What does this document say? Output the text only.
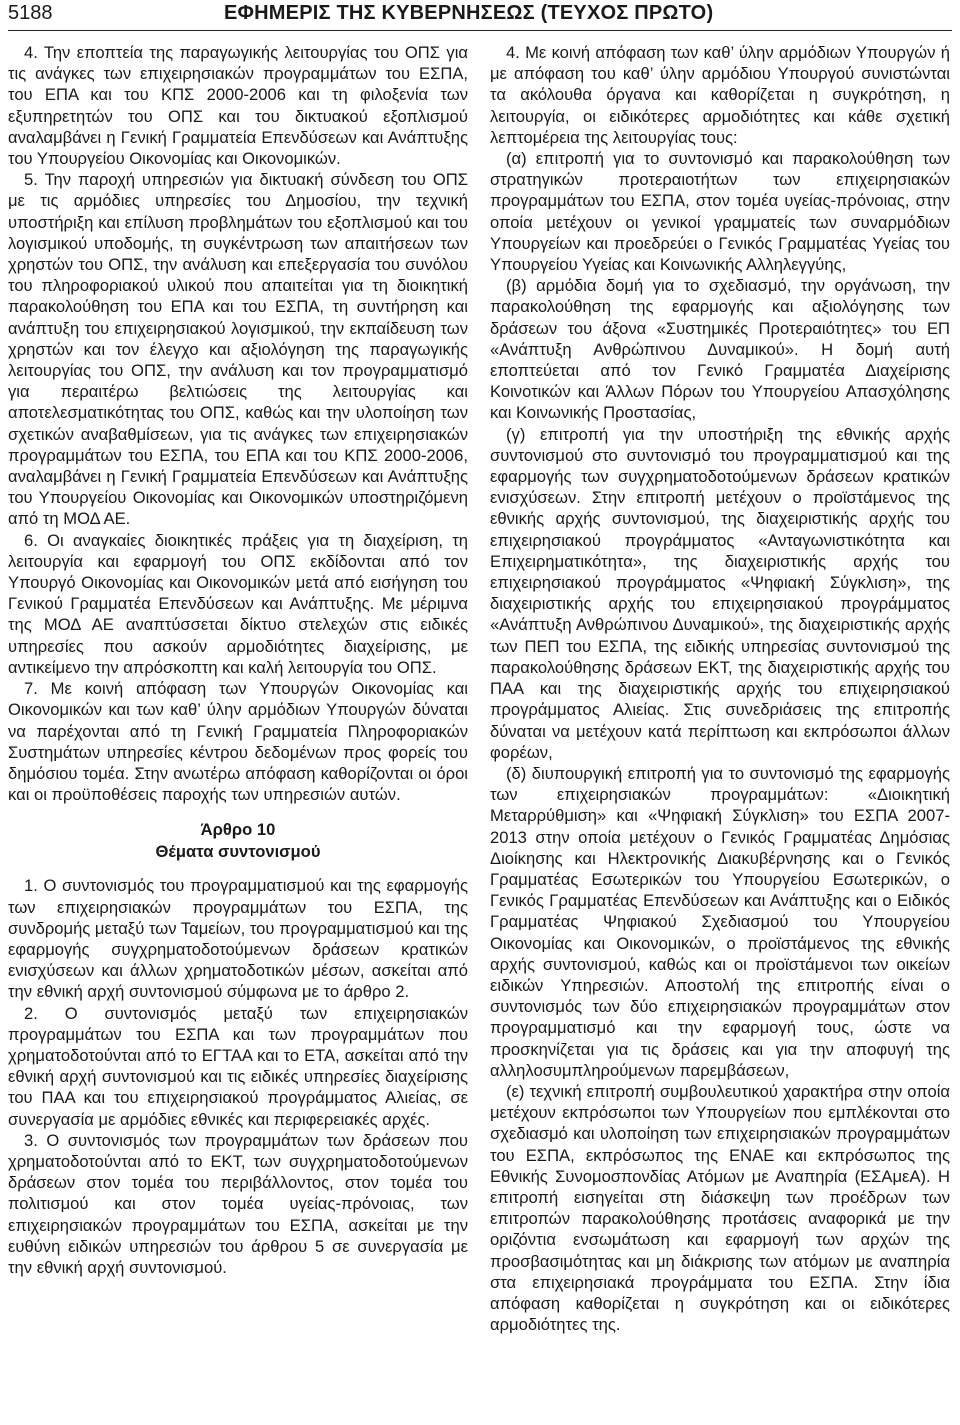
5188	ΕΦΗΜΕΡΙΣ ΤΗΣ ΚΥΒΕΡΝΗΣΕΩΣ (ΤΕΥΧΟΣ ΠΡΩΤΟ)

4. Την εποπτεία της παραγωγικής λειτουργίας του ΟΠΣ για τις ανάγκες των επιχειρησιακών προγραμμάτων του ΕΣΠΑ, του ΕΠΑ και του ΚΠΣ 2000-2006 και τη φιλοξενία των εξυπηρετητών του ΟΠΣ και του δικτυακού εξοπλισμού αναλαμβάνει η Γενική Γραμματεία Επενδύσεων και Ανάπτυξης του Υπουργείου Οικονομίας και Οικονομικών.

5. Την παροχή υπηρεσιών για δικτυακή σύνδεση του ΟΠΣ με τις αρμόδιες υπηρεσίες του Δημοσίου, την τεχνική υποστήριξη και επίλυση προβλημάτων του εξοπλισμού και του λογισμικού υποδομής, τη συγκέντρωση των απαιτήσεων των χρηστών του ΟΠΣ, την ανάλυση και επεξεργασία του συνόλου του πληροφοριακού υλικού που απαιτείται για τη διοικητική παρακολούθηση του ΕΠΑ και του ΕΣΠΑ, τη συντήρηση και ανάπτυξη του επιχειρησιακού λογισμικού, την εκπαίδευση των χρηστών και τον έλεγχο και αξιολόγηση της παραγωγικής λειτουργίας του ΟΠΣ, την ανάλυση και τον προγραμματισμό για περαιτέρω βελτιώσεις της λειτουργίας και αποτελεσματικότητας του ΟΠΣ, καθώς και την υλοποίηση των σχετικών αναβαθμίσεων, για τις ανάγκες των επιχειρησιακών προγραμμάτων του ΕΣΠΑ, του ΕΠΑ και του ΚΠΣ 2000-2006, αναλαμβάνει η Γενική Γραμματεία Επενδύσεων και Ανάπτυξης του Υπουργείου Οικονομίας και Οικονομικών υποστηριζόμενη από τη ΜΟΔ ΑΕ.

6. Οι αναγκαίες διοικητικές πράξεις για τη διαχείριση, τη λειτουργία και εφαρμογή του ΟΠΣ εκδίδονται από τον Υπουργό Οικονομίας και Οικονομικών μετά από εισήγηση του Γενικού Γραμματέα Επενδύσεων και Ανάπτυξης. Με μέριμνα της ΜΟΔ ΑΕ αναπτύσσεται δίκτυο στελεχών στις ειδικές υπηρεσίες που ασκούν αρμοδιότητες διαχείρισης, με αντικείμενο την απρόσκοπτη και καλή λειτουργία του ΟΠΣ.

7. Με κοινή απόφαση των Υπουργών Οικονομίας και Οικονομικών και των καθ’ ύλην αρμόδιων Υπουργών δύναται να παρέχονται από τη Γενική Γραμματεία Πληροφοριακών Συστημάτων υπηρεσίες κέντρου δεδομένων προς φορείς του δημόσιου τομέα. Στην ανωτέρω απόφαση καθορίζονται οι όροι και οι προϋποθέσεις παροχής των υπηρεσιών αυτών.

Άρθρο 10
Θέματα συντονισμού

1. Ο συντονισμός του προγραμματισμού και της εφαρμογής των επιχειρησιακών προγραμμάτων του ΕΣΠΑ, της συνδρομής μεταξύ των Ταμείων, του προγραμματισμού και της εφαρμογής συγχρηματοδοτούμενων δράσεων κρατικών ενισχύσεων και άλλων χρηματοδοτικών μέσων, ασκείται από την εθνική αρχή συντονισμού σύμφωνα με το άρθρο 2.

2. Ο συντονισμός μεταξύ των επιχειρησιακών προγραμμάτων του ΕΣΠΑ και των προγραμμάτων που χρηματοδοτούνται από το ΕΓΤΑΑ και το ΕΤΑ, ασκείται από την εθνική αρχή συντονισμού και τις ειδικές υπηρεσίες διαχείρισης του ΠΑΑ και του επιχειρησιακού προγράμματος Αλιείας, σε συνεργασία με αρμόδιες εθνικές και περιφερειακές αρχές.

3. Ο συντονισμός των προγραμμάτων των δράσεων που χρηματοδοτούνται από το ΕΚΤ, των συγχρηματοδοτούμενων δράσεων στον τομέα του περιβάλλοντος, στον τομέα του πολιτισμού και στον τομέα υγείας-πρόνοιας, των επιχειρησιακών προγραμμάτων του ΕΣΠΑ, ασκείται με την ευθύνη ειδικών υπηρεσιών του άρθρου 5 σε συνεργασία με την εθνική αρχή συντονισμού.

4. Με κοινή απόφαση των καθ’ ύλην αρμόδιων Υπουργών ή με απόφαση του καθ’ ύλην αρμόδιου Υπουργού συνιστώνται τα ακόλουθα όργανα και καθορίζεται η συγκρότηση, η λειτουργία, οι ειδικότερες αρμοδιότητες και κάθε σχετική λεπτομέρεια της λειτουργίας τους:

(α) επιτροπή για το συντονισμό και παρακολούθηση των στρατηγικών προτεραιοτήτων των επιχειρησιακών προγραμμάτων του ΕΣΠΑ, στον τομέα υγείας-πρόνοιας, στην οποία μετέχουν οι γενικοί γραμματείς των συναρμόδιων Υπουργείων και προεδρεύει ο Γενικός Γραμματέας Υγείας του Υπουργείου Υγείας και Κοινωνικής Αλληλεγγύης,

(β) αρμόδια δομή για το σχεδιασμό, την οργάνωση, την παρακολούθηση της εφαρμογής και αξιολόγησης των δράσεων του άξονα «Συστημικές Προτεραιότητες» του ΕΠ «Ανάπτυξη Ανθρώπινου Δυναμικού». Η δομή αυτή εποπτεύεται από τον Γενικό Γραμματέα Διαχείρισης Κοινοτικών και Άλλων Πόρων του Υπουργείου Απασχόλησης και Κοινωνικής Προστασίας,

(γ) επιτροπή για την υποστήριξη της εθνικής αρχής συντονισμού στο συντονισμό του προγραμματισμού και της εφαρμογής των συγχρηματοδοτούμενων δράσεων κρατικών ενισχύσεων. Στην επιτροπή μετέχουν ο προϊστάμενος της εθνικής αρχής συντονισμού, της διαχειριστικής αρχής του επιχειρησιακού προγράμματος «Ανταγωνιστικότητα και Επιχειρηματικότητα», της διαχειριστικής αρχής του επιχειρησιακού προγράμματος «Ψηφιακή Σύγκλιση», της διαχειριστικής αρχής του επιχειρησιακού προγράμματος «Ανάπτυξη Ανθρώπινου Δυναμικού», της διαχειριστικής αρχής των ΠΕΠ του ΕΣΠΑ, της ειδικής υπηρεσίας συντονισμού της παρακολούθησης δράσεων ΕΚΤ, της διαχειριστικής αρχής του ΠΑΑ και της διαχειριστικής αρχής του επιχειρησιακού προγράμματος Αλιείας. Στις συνεδριάσεις της επιτροπής δύναται να μετέχουν κατά περίπτωση και εκπρόσωποι άλλων φορέων,

(δ) διυπουργική επιτροπή για το συντονισμό της εφαρμογής των επιχειρησιακών προγραμμάτων: «Διοικητική Μεταρρύθμιση» και «Ψηφιακή Σύγκλιση» του ΕΣΠΑ 2007-2013 στην οποία μετέχουν ο Γενικός Γραμματέας Δημόσιας Διοίκησης και Ηλεκτρονικής Διακυβέρνησης και ο Γενικός Γραμματέας Εσωτερικών του Υπουργείου Εσωτερικών, ο Γενικός Γραμματέας Επενδύσεων και Ανάπτυξης και ο Ειδικός Γραμματέας Ψηφιακού Σχεδιασμού του Υπουργείου Οικονομίας και Οικονομικών, ο προϊστάμενος της εθνικής αρχής συντονισμού, καθώς και οι προϊστάμενοι των οικείων ειδικών Υπηρεσιών. Αποστολή της επιτροπής είναι ο συντονισμός των δύο επιχειρησιακών προγραμμάτων στον προγραμματισμό και την εφαρμογή τους, ώστε να προσκηνίζεται για τις δράσεις και για την αποφυγή της αλληλοσυμπληρούμενων παρεμβάσεων,

(ε) τεχνική επιτροπή συμβουλευτικού χαρακτήρα στην οποία μετέχουν εκπρόσωποι των Υπουργείων που εμπλέκονται στο σχεδιασμό και υλοποίηση των επιχειρησιακών προγραμμάτων του ΕΣΠΑ, εκπρόσωπος της ΕΝΑΕ και εκπρόσωπος της Εθνικής Συνομοσπονδίας Ατόμων με Αναπηρία (ΕΣΑμεΑ). Η επιτροπή εισηγείται στη διάσκεψη των προέδρων των επιτροπών παρακολούθησης προτάσεις αναφορικά με την οριζόντια ενσωμάτωση και εφαρμογή των αρχών της προσβασιμότητας και μη διάκρισης των ατόμων με αναπηρία στα επιχειρησιακά προγράμματα του ΕΣΠΑ. Στην ίδια απόφαση καθορίζεται η συγκρότηση και οι ειδικότερες αρμοδιότητες της.
